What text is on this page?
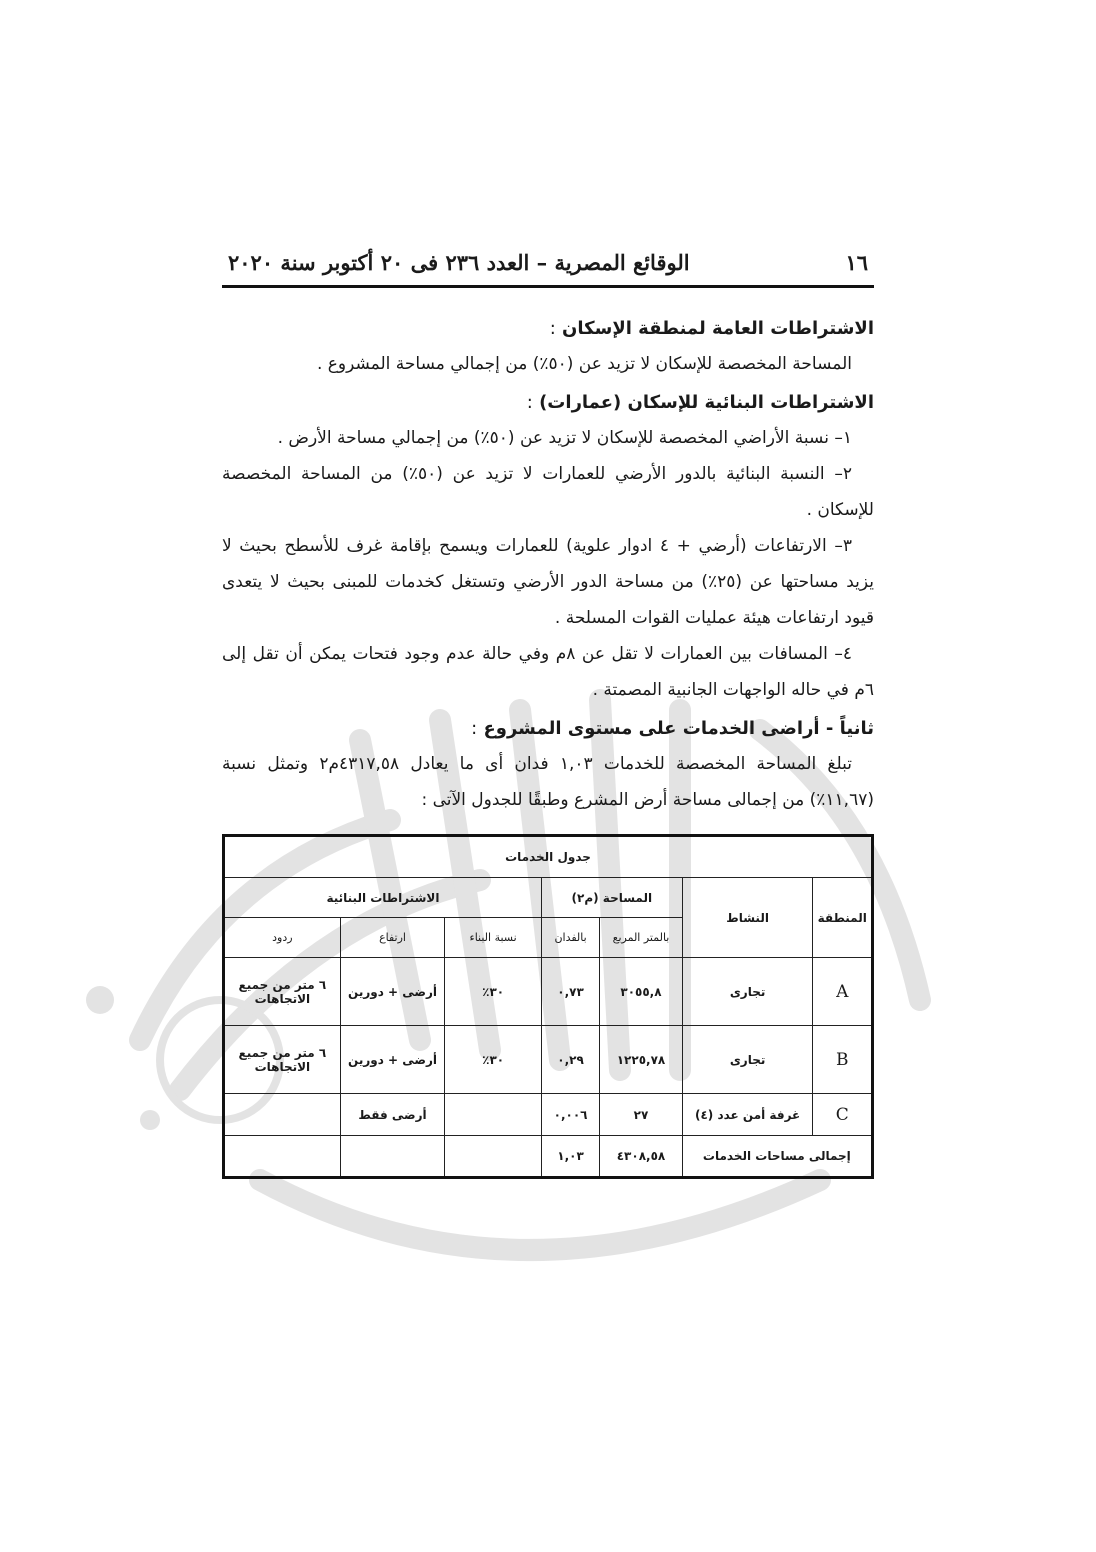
١٦
الوقائع المصرية – العدد ٢٣٦ فى ٢٠ أكتوبر سنة ٢٠٢٠
الاشتراطات العامة لمنطقة الإسكان :

المساحة المخصصة للإسكان لا تزيد عن (٥٠٪) من إجمالي مساحة المشروع .

الاشتراطات البنائية للإسكان (عمارات) :

١– نسبة الأراضي المخصصة للإسكان لا تزيد عن (٥٠٪) من إجمالي مساحة الأرض .

٢– النسبة البنائية بالدور الأرضي للعمارات لا تزيد عن (٥٠٪) من المساحة المخصصة للإسكان .

٣– الارتفاعات (أرضي + ٤ ادوار علوية) للعمارات ويسمح بإقامة غرف للأسطح بحيث لا يزيد مساحتها عن (٢٥٪) من مساحة الدور الأرضي وتستغل كخدمات للمبنى بحيث لا يتعدى قيود ارتفاعات هيئة عمليات القوات المسلحة .

٤– المسافات بين العمارات لا تقل عن ٨م وفي حالة عدم وجود فتحات يمكن أن تقل إلى ٦م في حاله الواجهات الجانبية المصمتة .

ثانياً - أراضى الخدمات على مستوى المشروع :

تبلغ المساحة المخصصة للخدمات ١,٠٣ فدان أى ما يعادل ٤٣١٧,٥٨م٢ وتمثل نسبة (١١,٦٧٪) من إجمالى مساحة أرض المشرع وطبقًا للجدول الآتى :

جدول الخدمات						
المنطقة	النشاط	المساحة (م٢)		الاشتراطات البنائية		
		بالمتر المربع	بالفدان	نسبة البناء	ارتفاع	ردود
A	تجارى	٣٠٥٥,٨	٠,٧٣	٣٠٪	أرضى + دورين	٦ متر من جميع الاتجاهات
B	تجارى	١٢٢٥,٧٨	٠,٢٩	٣٠٪	أرضى + دورين	٦ متر من جميع الاتجاهات
C	غرفة أمن عدد (٤)	٢٧	٠,٠٠٦		أرضى فقط	
إجمالى مساحات الخدمات		٤٣٠٨,٥٨	١,٠٣			
